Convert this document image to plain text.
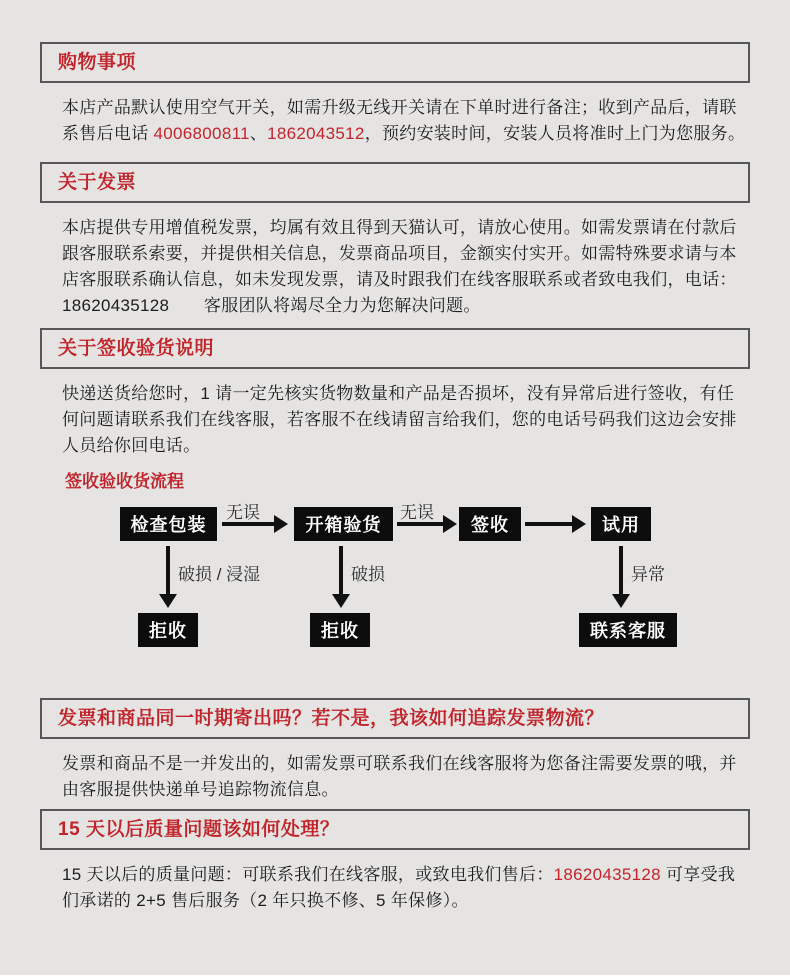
购物事项

本店产品默认使用空气开关，如需升级无线开关请在下单时进行备注；收到产品后，请联系售后电话 4006800811、1862043512，预约安装时间，安装人员将准时上门为您服务。

关于发票

本店提供专用增值税发票，均属有效且得到天猫认可，请放心使用。如需发票请在付款后跟客服联系索要，并提供相关信息，发票商品项目，金额实付实开。如需特殊要求请与本店客服联系确认信息，如未发现发票，请及时跟我们在线客服联系或者致电我们，电话：18620435128　　客服团队将竭尽全力为您解决问题。

关于签收验货说明

快递送货给您时，1 请一定先核实货物数量和产品是否损坏，没有异常后进行签收，有任何问题请联系我们在线客服，若客服不在线请留言给我们，您的电话号码我们这边会安排人员给你回电话。

签收验收货流程

检查包装	开箱验货	签收	试用
无误	无误
破损 / 浸湿	破损	异常
拒收	拒收	联系客服
发票和商品同一时期寄出吗？若不是，我该如何追踪发票物流？

发票和商品不是一并发出的，如需发票可联系我们在线客服将为您备注需要发票的哦，并由客服提供快递单号追踪物流信息。

15 天以后质量问题该如何处理？

15 天以后的质量问题：可联系我们在线客服，或致电我们售后：18620435128 可享受我们承诺的 2+5 售后服务（2 年只换不修、5 年保修）。
